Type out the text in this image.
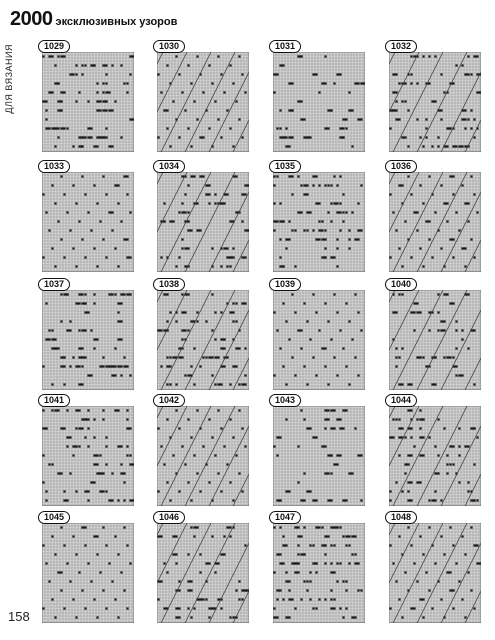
2000 эксклюзивных узоров
ДЛЯ ВЯЗАНИЯ	1029	1030	1031	1032
1033	1034	1035	1036
1037	1038	1039	1040
1041	1042	1043	1044
1045	1046	1047	1048
158
